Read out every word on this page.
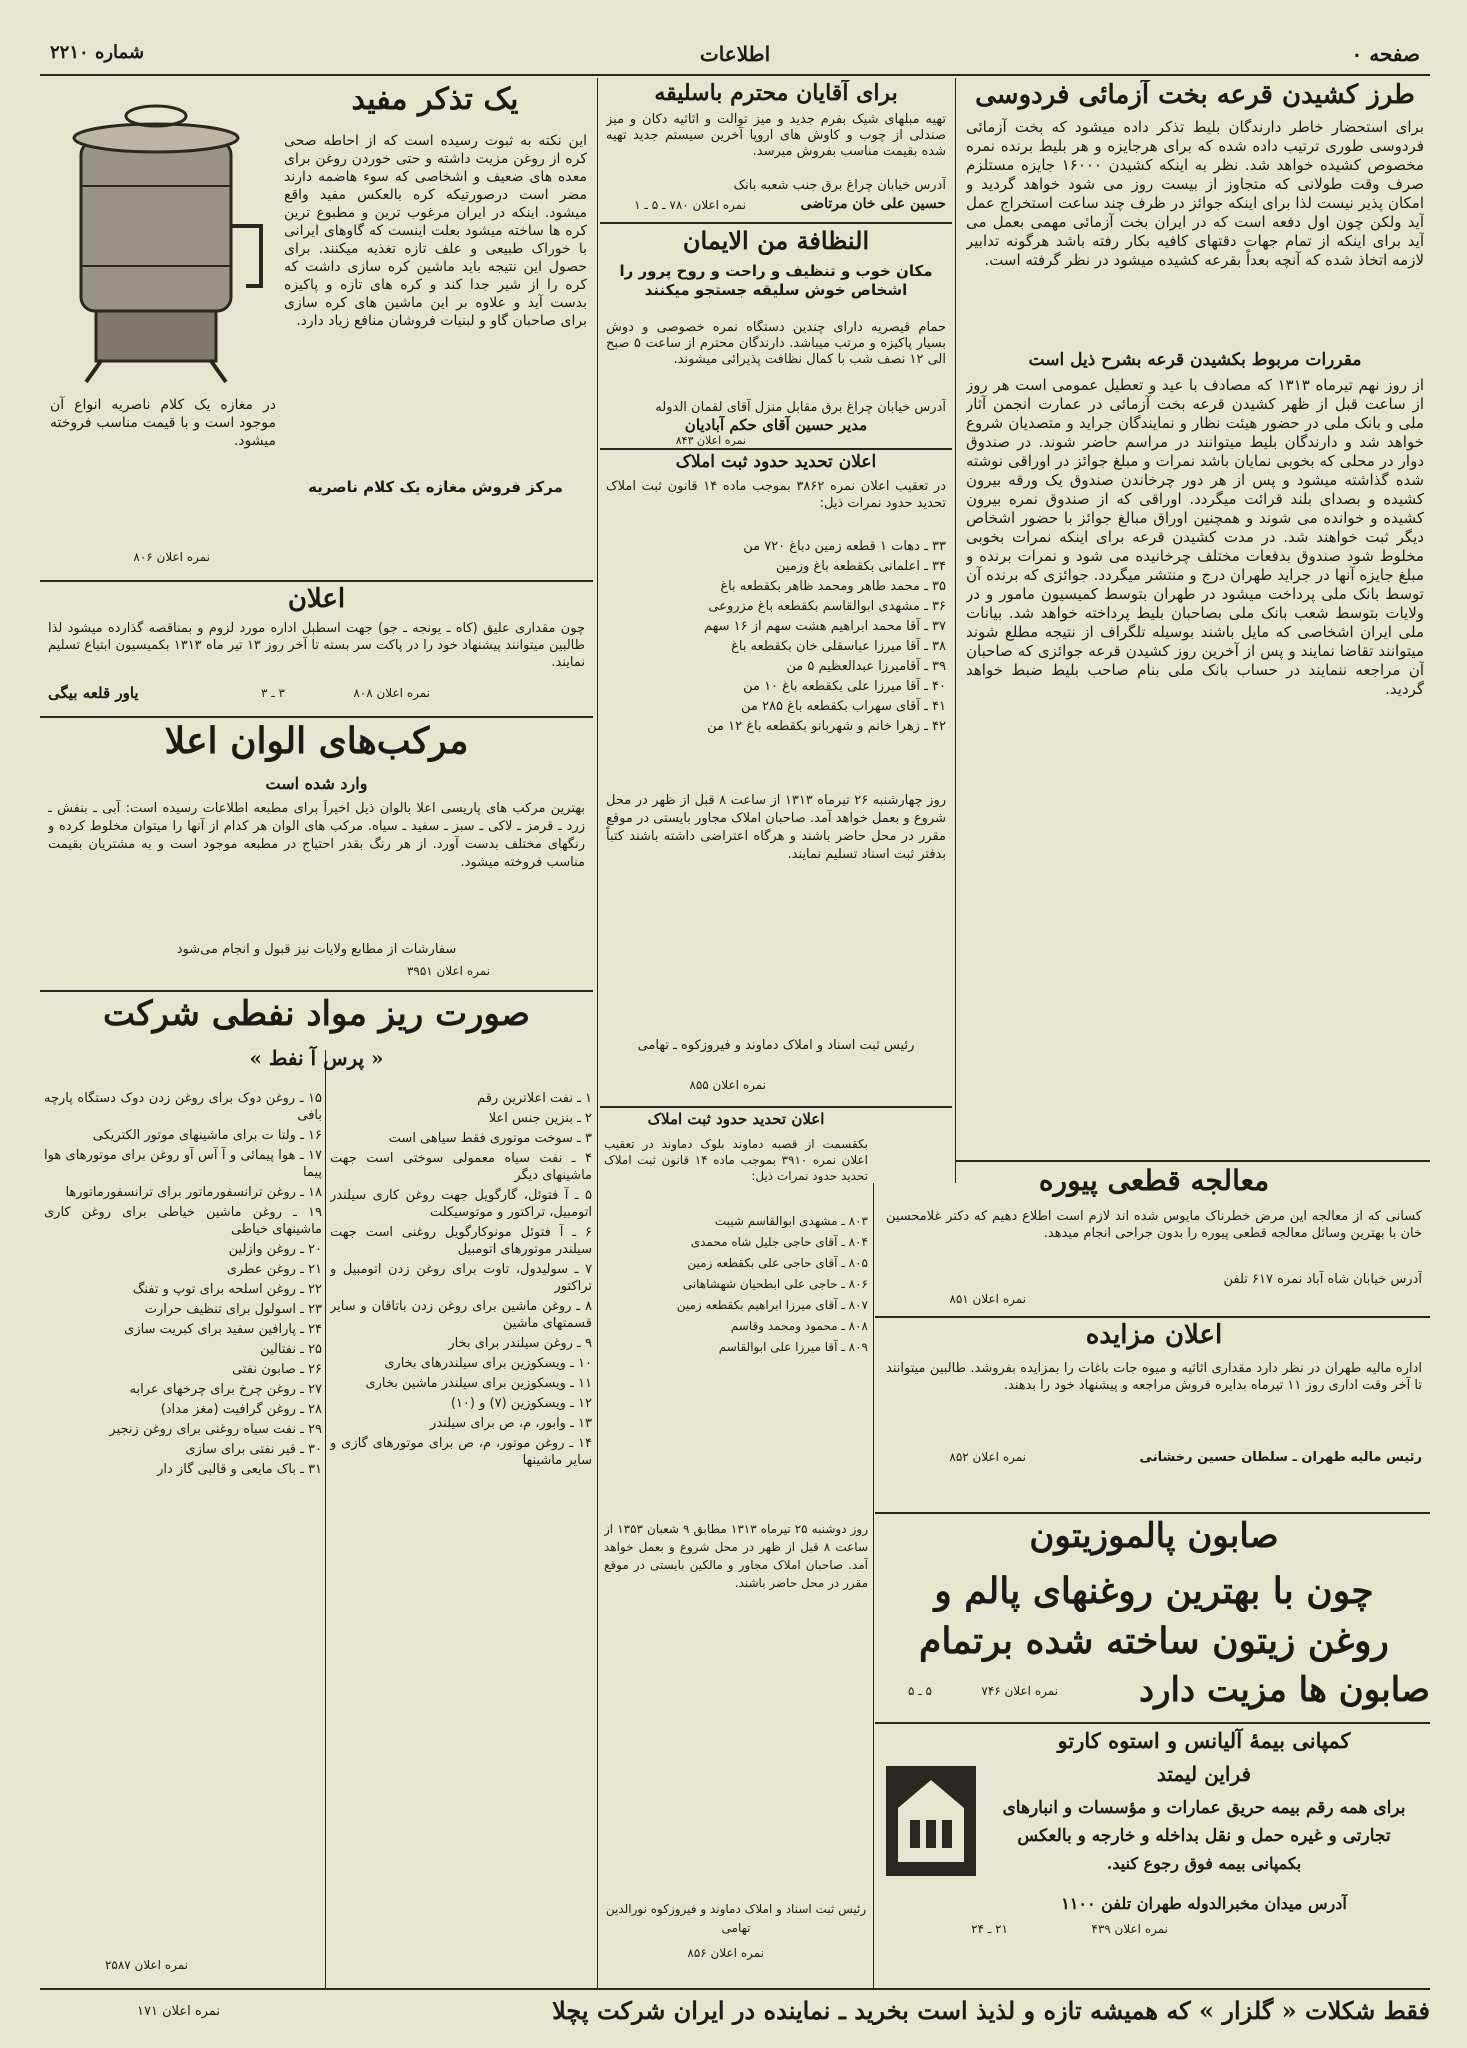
صفحه ۰
اطلاعات
شماره ۲۲۱۰
طرز کشیدن قرعه بخت آزمائی فردوسی
برای استحضار خاطر دارندگان بلیط تذکر داده میشود که بخت آزمائی فردوسی طوری ترتیب داده شده که برای هرجایزه و هر بلیط برنده نمره مخصوص کشیده خواهد شد. نظر به اینکه کشیدن ۱۶۰۰۰ جایزه مستلزم صرف وقت طولانی که متجاوز از بیست روز می شود خواهد گردید و امکان پذیر نیست لذا برای اینکه جوائز در ظرف چند ساعت استخراج عمل آید ولکن چون اول دفعه است که در ایران بخت آزمائی مهمی بعمل می آید برای اینکه از تمام جهات دقتهای کافیه بکار رفته باشد هرگونه تدابیر لازمه اتخاذ شده که آنچه بعداً بقرعه کشیده میشود در نظر گرفته است.
مقررات مربوط بکشیدن قرعه بشرح ذیل است
از روز نهم تیرماه ۱۳۱۳ که مصادف با عید و تعطیل عمومی است هر روز از ساعت قبل از ظهر کشیدن قرعه بخت آزمائی در عمارت انجمن آثار ملی و بانک ملی در حضور هیئت نظار و نمایندگان جراید و متصدیان شروع خواهد شد و دارندگان بلیط میتوانند در مراسم حاضر شوند. در صندوق دوار در محلی که بخوبی نمایان باشد نمرات و مبلغ جوائز در اوراقی نوشته شده گذاشته میشود و پس از هر دور چرخاندن صندوق یک ورقه بیرون کشیده و بصدای بلند قرائت میگردد. اوراقی که از صندوق نمره بیرون کشیده و خوانده می شوند و همچنین اوراق مبالغ جوائز با حضور اشخاص دیگر ثبت خواهند شد. در مدت کشیدن قرعه برای اینکه نمرات بخوبی مخلوط شود صندوق بدفعات مختلف چرخانیده می شود و نمرات برنده و مبلغ جایزه آنها در جراید طهران درج و منتشر میگردد. جوائزی که برنده آن توسط بانک ملی پرداخت میشود در طهران بتوسط کمیسیون مامور و در ولایات بتوسط شعب بانک ملی بصاحبان بلیط پرداخته خواهد شد. بیانات ملی ایران اشخاصی که مایل باشند بوسیله تلگراف از نتیجه مطلع شوند میتوانند تقاضا نمایند و پس از آخرین روز کشیدن قرعه جوائزی که صاحبان آن مراجعه ننمایند در حساب بانک ملی بنام صاحب بلیط ضبط خواهد گردید.
برای آقایان محترم باسلیقه
تهیه مبلهای شیک بفرم جدید و میز توالت و اثاثیه دکان و میز صندلی از چوب و کاوش های اروپا آخرین سیستم جدید تهیه شده بقیمت مناسب بفروش میرسد.
آدرس خیابان چراغ برق جنب شعبه بانک
حسین علی خان مرتاضی
نمره اعلان ۷۸۰ ـ ۵ ـ ۱
النظافة من الایمان
مکان خوب و تنظیف و راحت و روح پرور را اشخاص خوش سلیقه جستجو میکنند
حمام قیصریه دارای چندین دستگاه نمره خصوصی و دوش بسیار پاکیزه و مرتب میباشد. دارندگان محترم از ساعت ۵ صبح الی ۱۲ نصف شب با کمال نظافت پذیرائی میشوند.
آدرس خیابان چراغ برق مقابل منزل آقای لقمان الدوله
مدیر حسین آقای حکم آبادیان
نمره اعلان ۸۴۳
اعلان تحدید حدود ثبت املاک
در تعقیب اعلان نمره ۳۸۶۲ بموجب ماده ۱۴ قانون ثبت املاک تحدید حدود نمرات ذیل:

۳۳ ـ دهات ۱ قطعه زمین دباغ ۷۲۰ من

۳۴ ـ اعلمانی بکقطعه باغ وزمین

۳۵ ـ محمد طاهر ومحمد ظاهر بکقطعه باغ

۳۶ ـ مشهدی ابوالقاسم بکقطعه باغ مزروعی

۳۷ ـ آقا محمد ابراهیم هشت سهم از ۱۶ سهم

۳۸ ـ آقا میرزا عباسقلی خان بکقطعه باغ

۳۹ ـ آقامیرزا عبدالعظیم ۵ من

۴۰ ـ آقا میرزا علی بکقطعه باغ ۱۰ من

۴۱ ـ آقای سهراب بکقطعه باغ ۲۸۵ من

۴۲ ـ زهرا خانم و شهربانو بکقطعه باغ ۱۲ من

روز چهارشنبه ۲۶ تیرماه ۱۳۱۳ از ساعت ۸ قبل از ظهر در محل شروع و بعمل خواهد آمد. صاحبان املاک مجاور بایستی در موقع مقرر در محل حاضر باشند و هرگاه اعتراضی داشته باشند کتباً بدفتر ثبت اسناد تسلیم نمایند.
رئیس ثبت اسناد و املاک دماوند و فیروزکوه ـ تهامی
نمره اعلان ۸۵۵
اعلان تحدید حدود ثبت املاک
بکقسمت از قصبه دماوند بلوک دماوند در تعقیب اعلان نمره ۳۹۱۰ بموجب ماده ۱۴ قانون ثبت املاک تحدید حدود نمرات ذیل:

۸۰۳ ـ مشهدی ابوالقاسم شیبت

۸۰۴ ـ آقای حاجی جلیل شاه محمدی

۸۰۵ ـ آقای حاجی علی بکقطعه زمین

۸۰۶ ـ حاجی علی ابطحیان شهشاهانی

۸۰۷ ـ آقای میرزا ابراهیم بکقطعه زمین

۸۰۸ ـ محمود ومحمد وقاسم

۸۰۹ ـ آقا میرزا علی ابوالقاسم

روز دوشنبه ۲۵ تیرماه ۱۳۱۳ مطابق ۹ شعبان ۱۳۵۳ از ساعت ۸ قبل از ظهر در محل شروع و بعمل خواهد آمد. صاحبان املاک مجاور و مالکین بایستی در موقع مقرر در محل حاضر باشند.
رئیس ثبت اسناد و املاک دماوند و فیروزکوه نورالدین تهامی
نمره اعلان ۸۵۶
یک تذکر مفید
این نکته به ثبوت رسیده است که از احاطه صحی کره از روغن مزیت داشته و حتی خوردن روغن برای معده های ضعیف و اشخاصی که سوء هاضمه دارند مضر است درصورتیکه کره بالعکس مفید واقع میشود. اینکه در ایران مرغوب ترین و مطبوع ترین کره ها ساخته میشود بعلت اینست که گاوهای ایرانی با خوراک طبیعی و علف تازه تغذیه میکنند. برای حصول این نتیجه باید ماشین کره سازی داشت که کره را از شیر جدا کند و کره های تازه و پاکیزه بدست آید و علاوه بر این ماشین های کره سازی برای صاحبان گاو و لبنیات فروشان منافع زیاد دارد.
در مغازه یک کلام ناصریه انواع آن موجود است و با قیمت مناسب فروخته میشود.
مرکز فروش مغازه یک کلام ناصریه
نمره اعلان ۸۰۶
اعلان
چون مقداری علیق (کاه ـ یونجه ـ جو) جهت اسطبل اداره مورد لزوم و بمناقصه گذارده میشود لذا طالبین میتوانند پیشنهاد خود را در پاکت سر بسته تا آخر روز ۱۳ تیر ماه ۱۳۱۳ بکمیسیون ابتیاع تسلیم نمایند.
یاور قلعه بیگی	نمره اعلان ۸۰۸
۳ ـ ۳
مرکب‌های الوان اعلا
وارد شده است
بهترین مرکب های پاریسی اعلا بالوان ذیل اخیراً برای مطبعه اطلاعات رسیده است: آبی ـ بنفش ـ زرد ـ قرمز ـ لاکی ـ سبز ـ سفید ـ سیاه. مرکب های الوان هر کدام از آنها را میتوان مخلوط کرده و رنگهای مختلف بدست آورد. از هر رنگ بقدر احتیاج در مطبعه موجود است و به مشتریان بقیمت مناسب فروخته میشود.
سفارشات از مطابع ولایات نیز قبول و انجام می‌شود
نمره اعلان ۳۹۵۱
صورت ریز مواد نفطی شرکت
« پرس آ نفط »

۱ ـ نفت اعلاترین رقم

۲ ـ بنزین جنس اعلا

۳ ـ سوخت موتوری فقط سیاهی است

۴ ـ نفت سیاه معمولی سوختی است جهت ماشینهای دیگر

۵ ـ آ فتوئل، گارگویل جهت روغن کاری سیلندر اتومبیل، تراکتور و موتوسیکلت

۶ ـ آ فتوئل مونوکارگویل روغنی است جهت سیلندر موتورهای اتومبیل

۷ ـ سولیدول، تاوت برای روغن زدن اتومبیل و تراکتور

۸ ـ روغن ماشین برای روغن زدن باتاقان و سایر قسمتهای ماشین

۹ ـ روغن سیلندر برای بخار

۱۰ ـ ویسکوزین برای سیلندرهای بخاری

۱۱ ـ ویسکوزین برای سیلندر ماشین بخاری

۱۲ ـ ویسکوزین (۷) و (۱۰)

۱۳ ـ وابور، م، ص برای سیلندر

۱۴ ـ روغن موتور، م، ص برای موتورهای گازی و سایر ماشینها

۱۵ ـ روغن دوک برای روغن زدن دوک دستگاه پارچه بافی

۱۶ ـ ولتا ت برای ماشینهای موتور الکتریکی

۱۷ ـ هوا پیمائی و آ آس آو روغن برای موتورهای هوا پیما

۱۸ ـ روغن ترانسفورماتور برای ترانسفورماتورها

۱۹ ـ روغن ماشین خیاطی برای روغن کاری ماشینهای خیاطی

۲۰ ـ روغن وازلین

۲۱ ـ روغن عطری

۲۲ ـ روغن اسلحه برای توپ و تفنگ

۲۳ ـ اسولول برای تنظیف حرارت

۲۴ ـ پارافین سفید برای کبریت سازی

۲۵ ـ نفتالین

۲۶ ـ صابون نفتی

۲۷ ـ روغن چرخ برای چرخهای عرابه

۲۸ ـ روغن گرافیت (مغز مداد)

۲۹ ـ نفت سیاه روغنی برای روغن زنجیر

۳۰ ـ قیر نفتی برای سازی

۳۱ ـ باک مایعی و قالبی گاز دار

نمره اعلان ۲۵۸۷
معالجه قطعی پیوره
کسانی که از معالجه این مرض خطرناک مایوس شده اند لازم است اطلاع دهیم که دکتر غلامحسین خان با بهترین وسائل معالجه قطعی پیوره را بدون جراحی انجام میدهد.
آدرس خیابان شاه آباد نمره ۶۱۷ تلفن
نمره اعلان ۸۵۱
اعلان مزایده
اداره مالیه طهران در نظر دارد مقداری اثاثیه و میوه جات باغات را بمزایده بفروشد. طالبین میتوانند تا آخر وقت اداری روز ۱۱ تیرماه بدایره فروش مراجعه و پیشنهاد خود را بدهند.
رئیس مالیه طهران ـ سلطان حسین رخشانی
نمره اعلان ۸۵۲
صابون پالموزیتون
چون با بهترین روغنهای پالم و
روغن زیتون ساخته شده برتمام
صابون ها مزیت دارد
نمره اعلان ۷۴۶
۵ ـ ۵
کمپانی بیمهٔ آلیانس و استوه کارتو
فراین لیمتد
برای همه رقم بیمه حریق عمارات و مؤسسات و انبارهای
تجارتی و غیره حمل و نقل بداخله و خارجه و بالعکس
بکمپانی بیمه فوق رجوع کنید.
آدرس میدان مخبرالدوله طهران تلفن ۱۱۰۰
نمره اعلان ۴۳۹
۲۱ ـ ۲۴
فقط شکلات « گلزار » که همیشه تازه و لذیذ است بخرید ـ نماینده در ایران شرکت پچلا
نمره اعلان ۱۷۱
